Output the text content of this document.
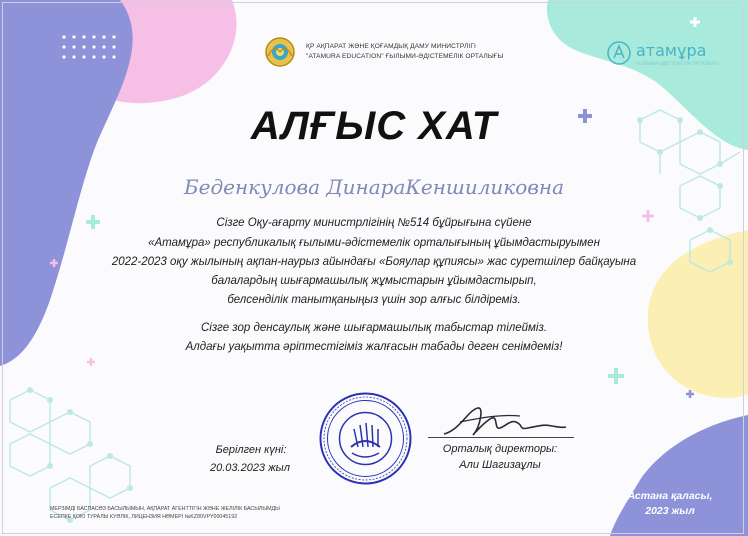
ҚР АҚПАРАТ ЖӘНЕ ҚОҒАМДЫҚ ДАМУ МИНИСТРЛІГІ
"ATAMURA EDUCATION" ҒЫЛЫМИ-ӘДІСТЕМЕЛІК ОРТАЛЫҒЫ	атамұра
ҒЫЛЫМИ-ӘДІСТЕМЕЛІК ОРТАЛЫҒЫ
АЛҒЫС ХАТ
Беденкулова ДинараКеншиликовна
Сізге Оқу-ағарту министрлігінің №514 бұйрығына сүйене
«Атамұра» республикалық ғылыми-әдістемелік орталығының ұйымдастыруымен
2022-2023 оқу жылының ақпан-наурыз айындағы «Бояулар құпиясы» жас суретшілер байқауына
балалардың шығармашылық жұмыстарын ұйымдастырып,
белсенділік танытқаныңыз үшін зор алғыс білдіреміз.
Сізге зор денсаулық және шығармашылық табыстар тілейміз.
Алдағы уақытта әріптестігіміз жалғасын табады деген сенімдеміз!
Берілген күні:
20.03.2023 жыл
Орталық директоры:
Али Шагизаұлы
Астана қаласы,
2023 жыл
МЕРЗІМДІ БАСПАСӨЗ БАСЫЛЫМЫН, АҚПАРАТ АГЕНТТІГІН ЖӘНЕ ЖЕЛІЛІК БАСЫЛЫМДЫ
ЕСЕПКЕ ҚОЮ ТУРАЛЫ КУӘЛІК, ЛИЦЕНЗИЯ НӨМЕРІ №KZ80VPY00045192
